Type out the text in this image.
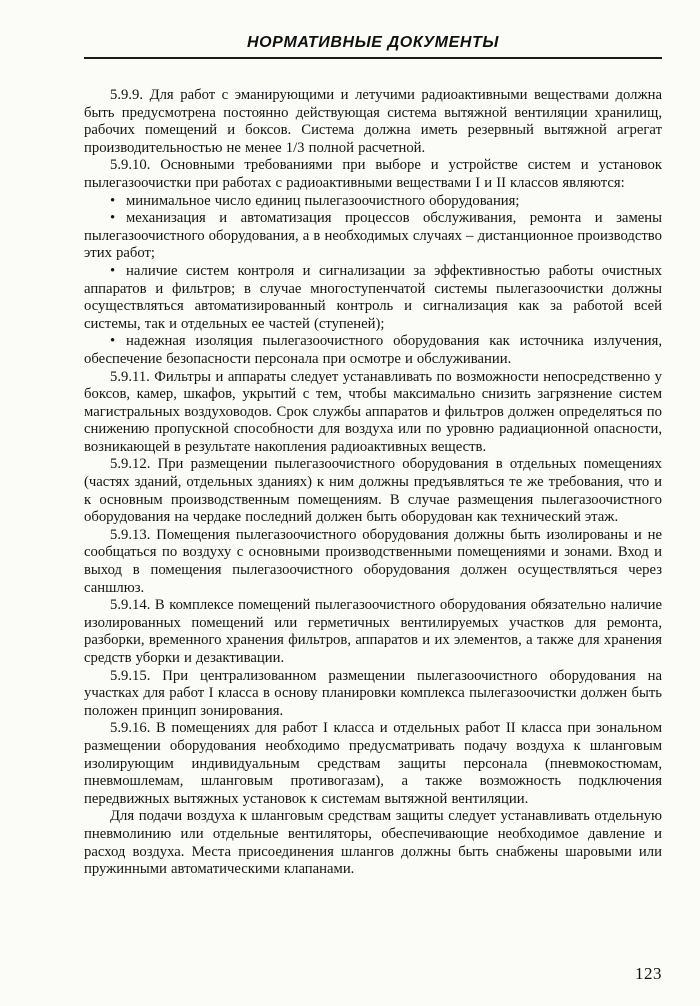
НОРМАТИВНЫЕ ДОКУМЕНТЫ

5.9.9. Для работ с эманирующими и летучими радиоактивными веществами должна быть предусмотрена постоянно действующая система вытяжной вентиляции хранилищ, рабочих помещений и боксов. Система должна иметь резервный вытяжной агрегат производительностью не менее 1/3 полной расчетной.

5.9.10. Основными требованиями при выборе и устройстве систем и установок пылегазоочистки при работах с радиоактивными веществами I и II классов являются:

• минимальное число единиц пылегазоочистного оборудования;

• механизация и автоматизация процессов обслуживания, ремонта и замены пылегазоочистного оборудования, а в необходимых случаях – дистанционное производство этих работ;

• наличие систем контроля и сигнализации за эффективностью работы очистных аппаратов и фильтров; в случае многоступенчатой системы пылегазоочистки должны осуществляться автоматизированный контроль и сигнализация как за работой всей системы, так и отдельных ее частей (ступеней);

• надежная изоляция пылегазоочистного оборудования как источника излучения, обеспечение безопасности персонала при осмотре и обслуживании.

5.9.11. Фильтры и аппараты следует устанавливать по возможности непосредственно у боксов, камер, шкафов, укрытий с тем, чтобы максимально снизить загрязнение систем магистральных воздуховодов. Срок службы аппаратов и фильтров должен определяться по снижению пропускной способности для воздуха или по уровню радиационной опасности, возникающей в результате накопления радиоактивных веществ.

5.9.12. При размещении пылегазоочистного оборудования в отдельных помещениях (частях зданий, отдельных зданиях) к ним должны предъявляться те же требования, что и к основным производственным помещениям. В случае размещения пылегазоочистного оборудования на чердаке последний должен быть оборудован как технический этаж.

5.9.13. Помещения пылегазоочистного оборудования должны быть изолированы и не сообщаться по воздуху с основными производственными помещениями и зонами. Вход и выход в помещения пылегазоочистного оборудования должен осуществляться через саншлюз.

5.9.14. В комплексе помещений пылегазоочистного оборудования обязательно наличие изолированных помещений или герметичных вентилируемых участков для ремонта, разборки, временного хранения фильтров, аппаратов и их элементов, а также для хранения средств уборки и дезактивации.

5.9.15. При централизованном размещении пылегазоочистного оборудования на участках для работ I класса в основу планировки комплекса пылегазоочистки должен быть положен принцип зонирования.

5.9.16. В помещениях для работ I класса и отдельных работ II класса при зональном размещении оборудования необходимо предусматривать подачу воздуха к шланговым изолирующим индивидуальным средствам защиты персонала (пневмокостюмам, пневмошлемам, шланговым противогазам), а также возможность подключения передвижных вытяжных установок к системам вытяжной вентиляции.

Для подачи воздуха к шланговым средствам защиты следует устанавливать отдельную пневмолинию или отдельные вентиляторы, обеспечивающие необходимое давление и расход воздуха. Места присоединения шлангов должны быть снабжены шаровыми или пружинными автоматическими клапанами.

123
